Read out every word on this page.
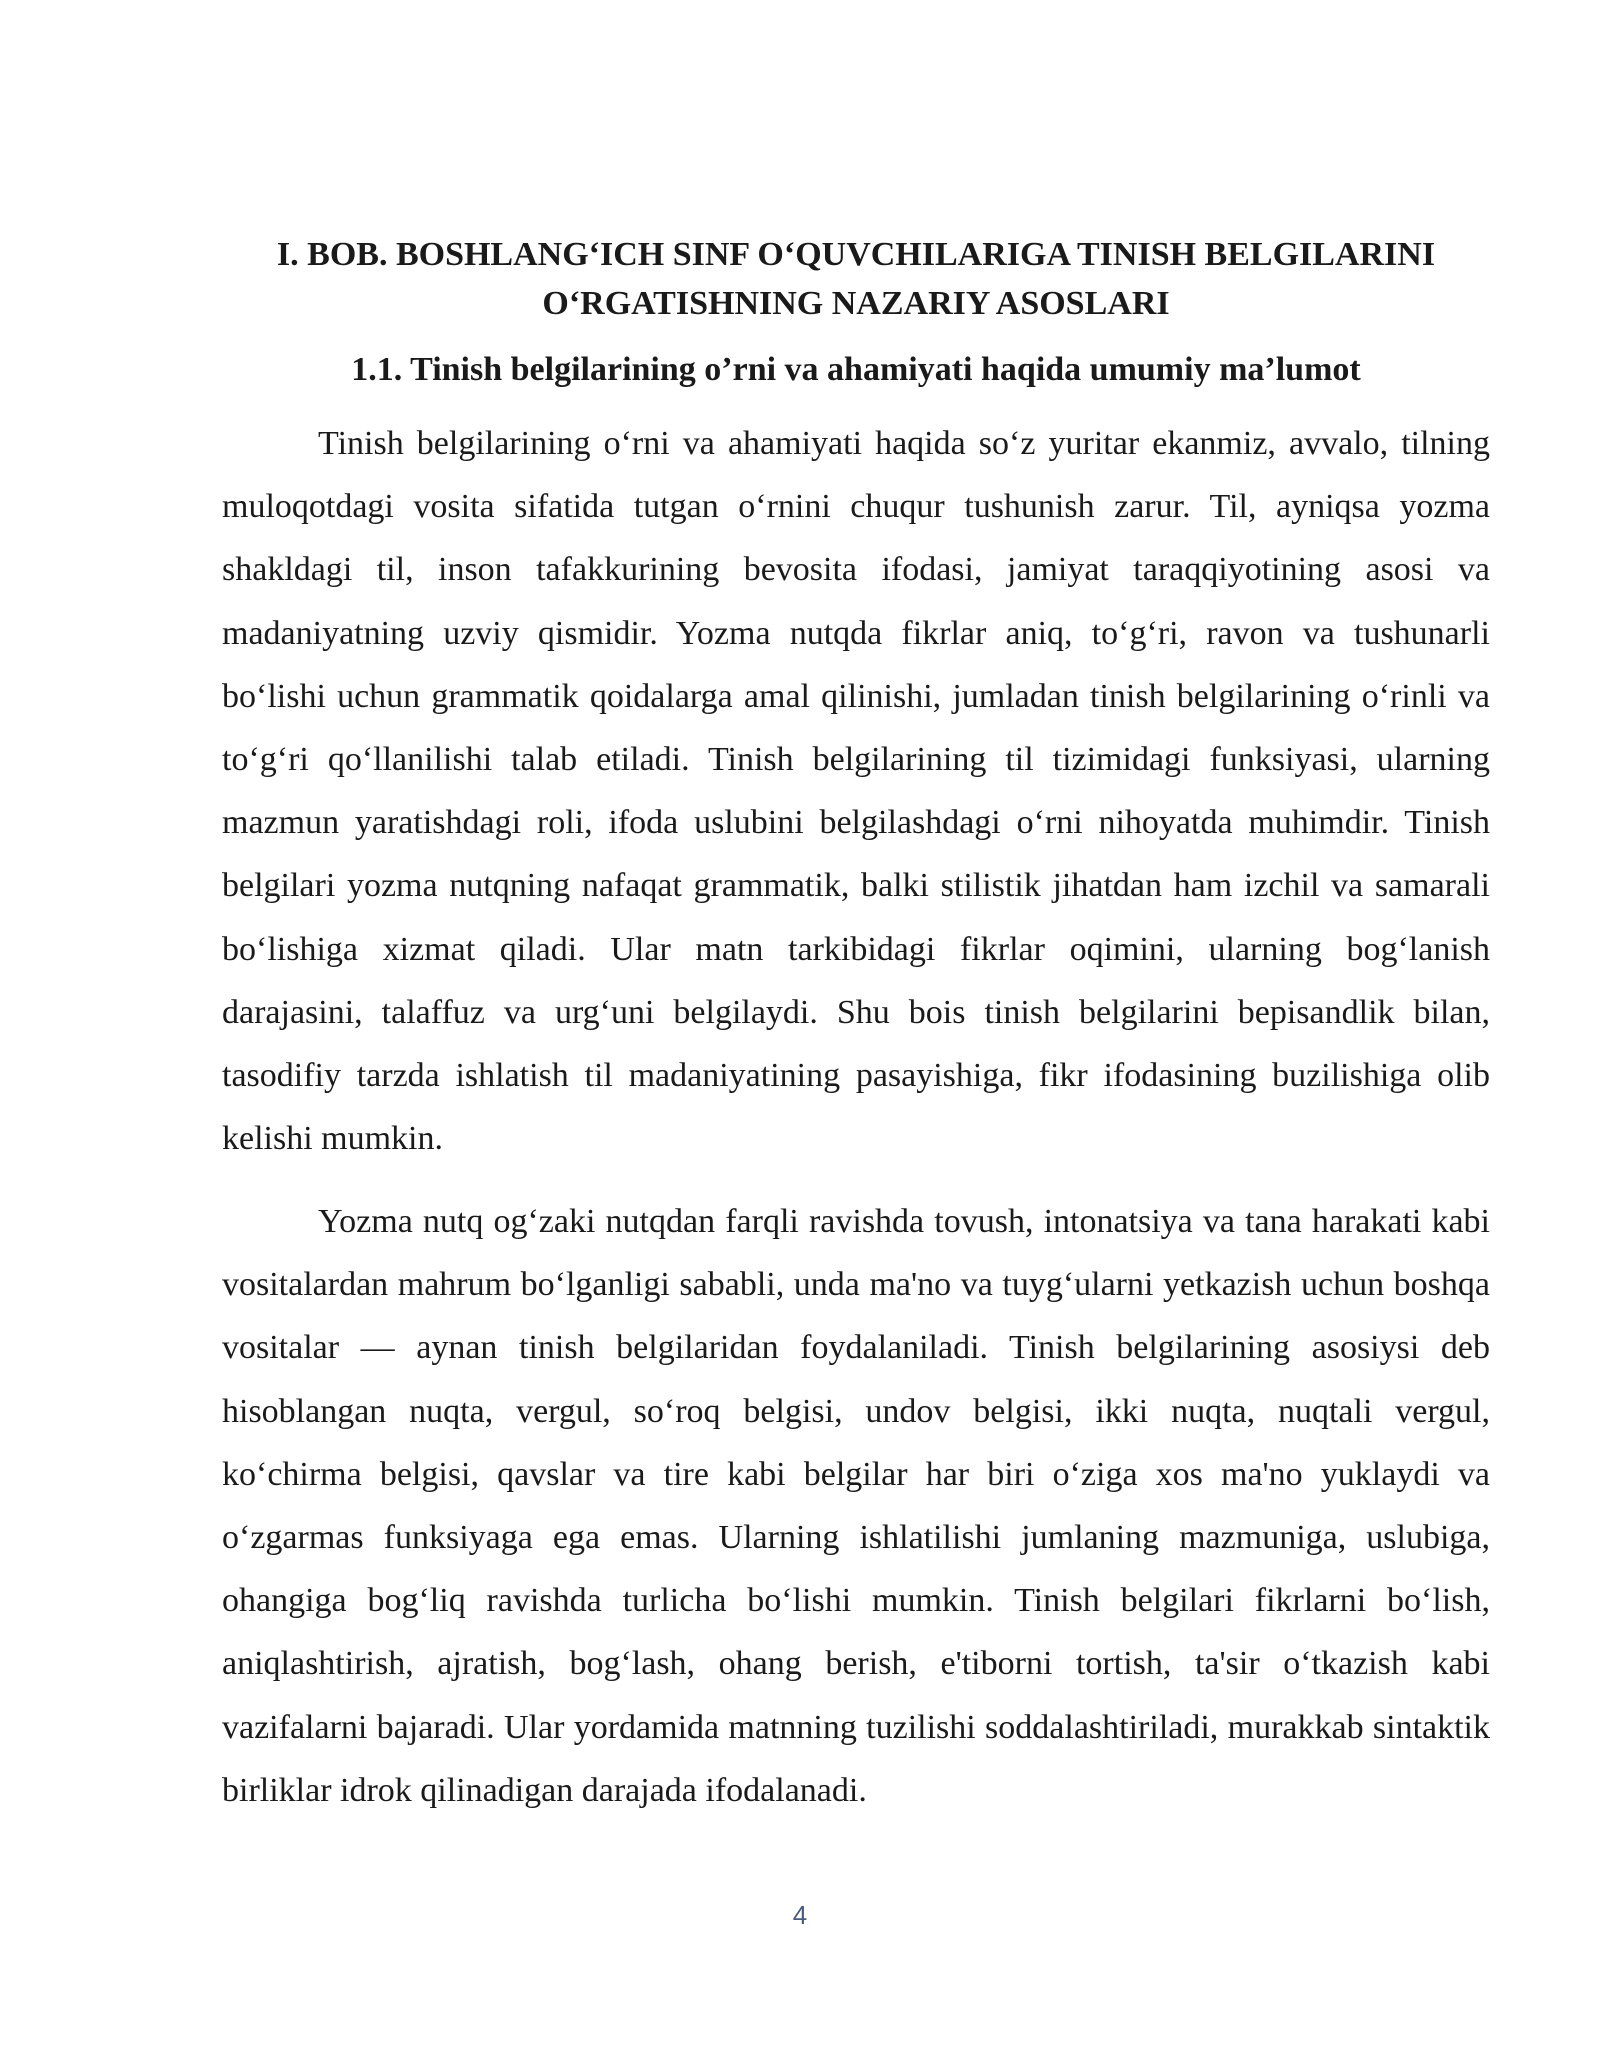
I. BOB. BOSHLANG‘ICH SINF O‘QUVCHILARIGA TINISH BELGILARINI O‘RGATISHNING NAZARIY ASOSLARI
1.1. Tinish belgilarining o’rni va ahamiyati haqida umumiy ma’lumot

Tinish belgilarining o‘rni va ahamiyati haqida so‘z yuritar ekanmiz, avvalo, tilning muloqotdagi vosita sifatida tutgan o‘rnini chuqur tushunish zarur. Til, ayniqsa yozma shakldagi til, inson tafakkurining bevosita ifodasi, jamiyat taraqqiyotining asosi va madaniyatning uzviy qismidir. Yozma nutqda fikrlar aniq, to‘g‘ri, ravon va tushunarli bo‘lishi uchun grammatik qoidalarga amal qilinishi, jumladan tinish belgilarining o‘rinli va to‘g‘ri qo‘llanilishi talab etiladi. Tinish belgilarining til tizimidagi funksiyasi, ularning mazmun yaratishdagi roli, ifoda uslubini belgilashdagi o‘rni nihoyatda muhimdir. Tinish belgilari yozma nutqning nafaqat grammatik, balki stilistik jihatdan ham izchil va samarali bo‘lishiga xizmat qiladi. Ular matn tarkibidagi fikrlar oqimini, ularning bog‘lanish darajasini, talaffuz va urg‘uni belgilaydi. Shu bois tinish belgilarini bepisandlik bilan, tasodifiy tarzda ishlatish til madaniyatining pasayishiga, fikr ifodasining buzilishiga olib kelishi mumkin.

Yozma nutq og‘zaki nutqdan farqli ravishda tovush, intonatsiya va tana harakati kabi vositalardan mahrum bo‘lganligi sababli, unda ma'no va tuyg‘ularni yetkazish uchun boshqa vositalar — aynan tinish belgilaridan foydalaniladi. Tinish belgilarining asosiysi deb hisoblangan nuqta, vergul, so‘roq belgisi, undov belgisi, ikki nuqta, nuqtali vergul, ko‘chirma belgisi, qavslar va tire kabi belgilar har biri o‘ziga xos ma'no yuklaydi va o‘zgarmas funksiyaga ega emas. Ularning ishlatilishi jumlaning mazmuniga, uslubiga, ohangiga bog‘liq ravishda turlicha bo‘lishi mumkin. Tinish belgilari fikrlarni bo‘lish, aniqlashtirish, ajratish, bog‘lash, ohang berish, e'tiborni tortish, ta'sir o‘tkazish kabi vazifalarni bajaradi. Ular yordamida matnning tuzilishi soddalashtiriladi, murakkab sintaktik birliklar idrok qilinadigan darajada ifodalanadi.

4
